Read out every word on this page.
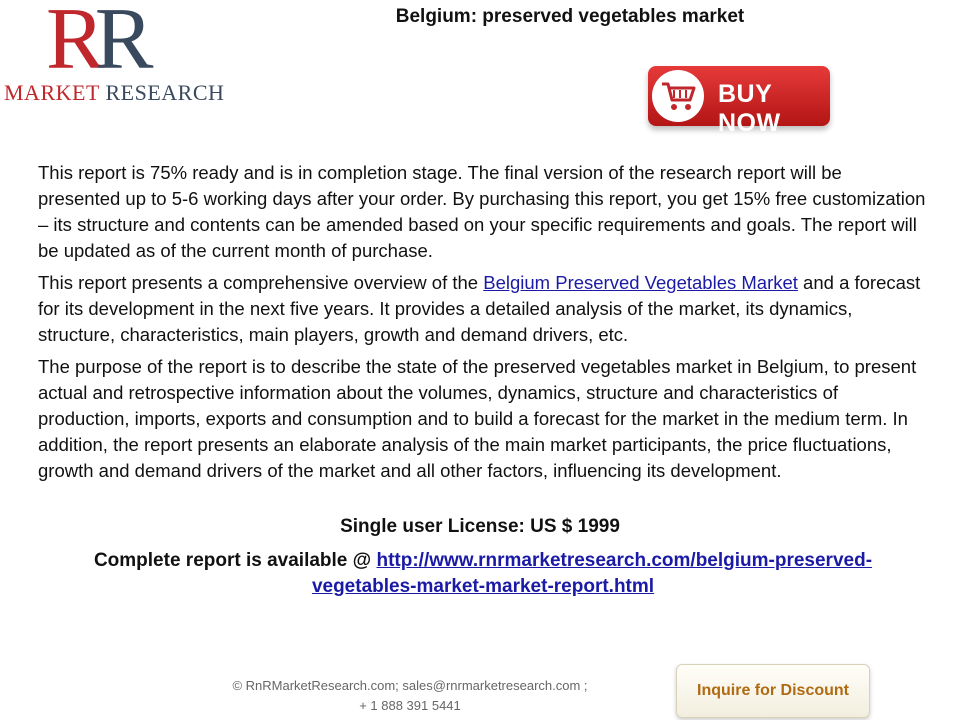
RR
MARKET RESEARCH
Belgium: preserved vegetables market
BUY NOW

This report is 75% ready and is in completion stage. The final version of the research report will be presented up to 5-6 working days after your order. By purchasing this report, you get 15% free customization – its structure and contents can be amended based on your specific requirements and goals. The report will be updated as of the current month of purchase.

This report presents a comprehensive overview of the Belgium Preserved Vegetables Market and a forecast for its development in the next five years. It provides a detailed analysis of the market, its dynamics, structure, characteristics, main players, growth and demand drivers, etc.

The purpose of the report is to describe the state of the preserved vegetables market in Belgium, to present actual and retrospective information about the volumes, dynamics, structure and characteristics of production, imports, exports and consumption and to build a forecast for the market in the medium term. In addition, the report presents an elaborate analysis of the main market participants, the price fluctuations, growth and demand drivers of the market and all other factors, influencing its development.

Single user License: US $ 1999
Complete report is available @ http://www.rnrmarketresearch.com/belgium-preserved-vegetables-market-market-report.html
© RnRMarketResearch.com; sales@rnrmarketresearch.com ;
+ 1 888 391 5441
Inquire for Discount
